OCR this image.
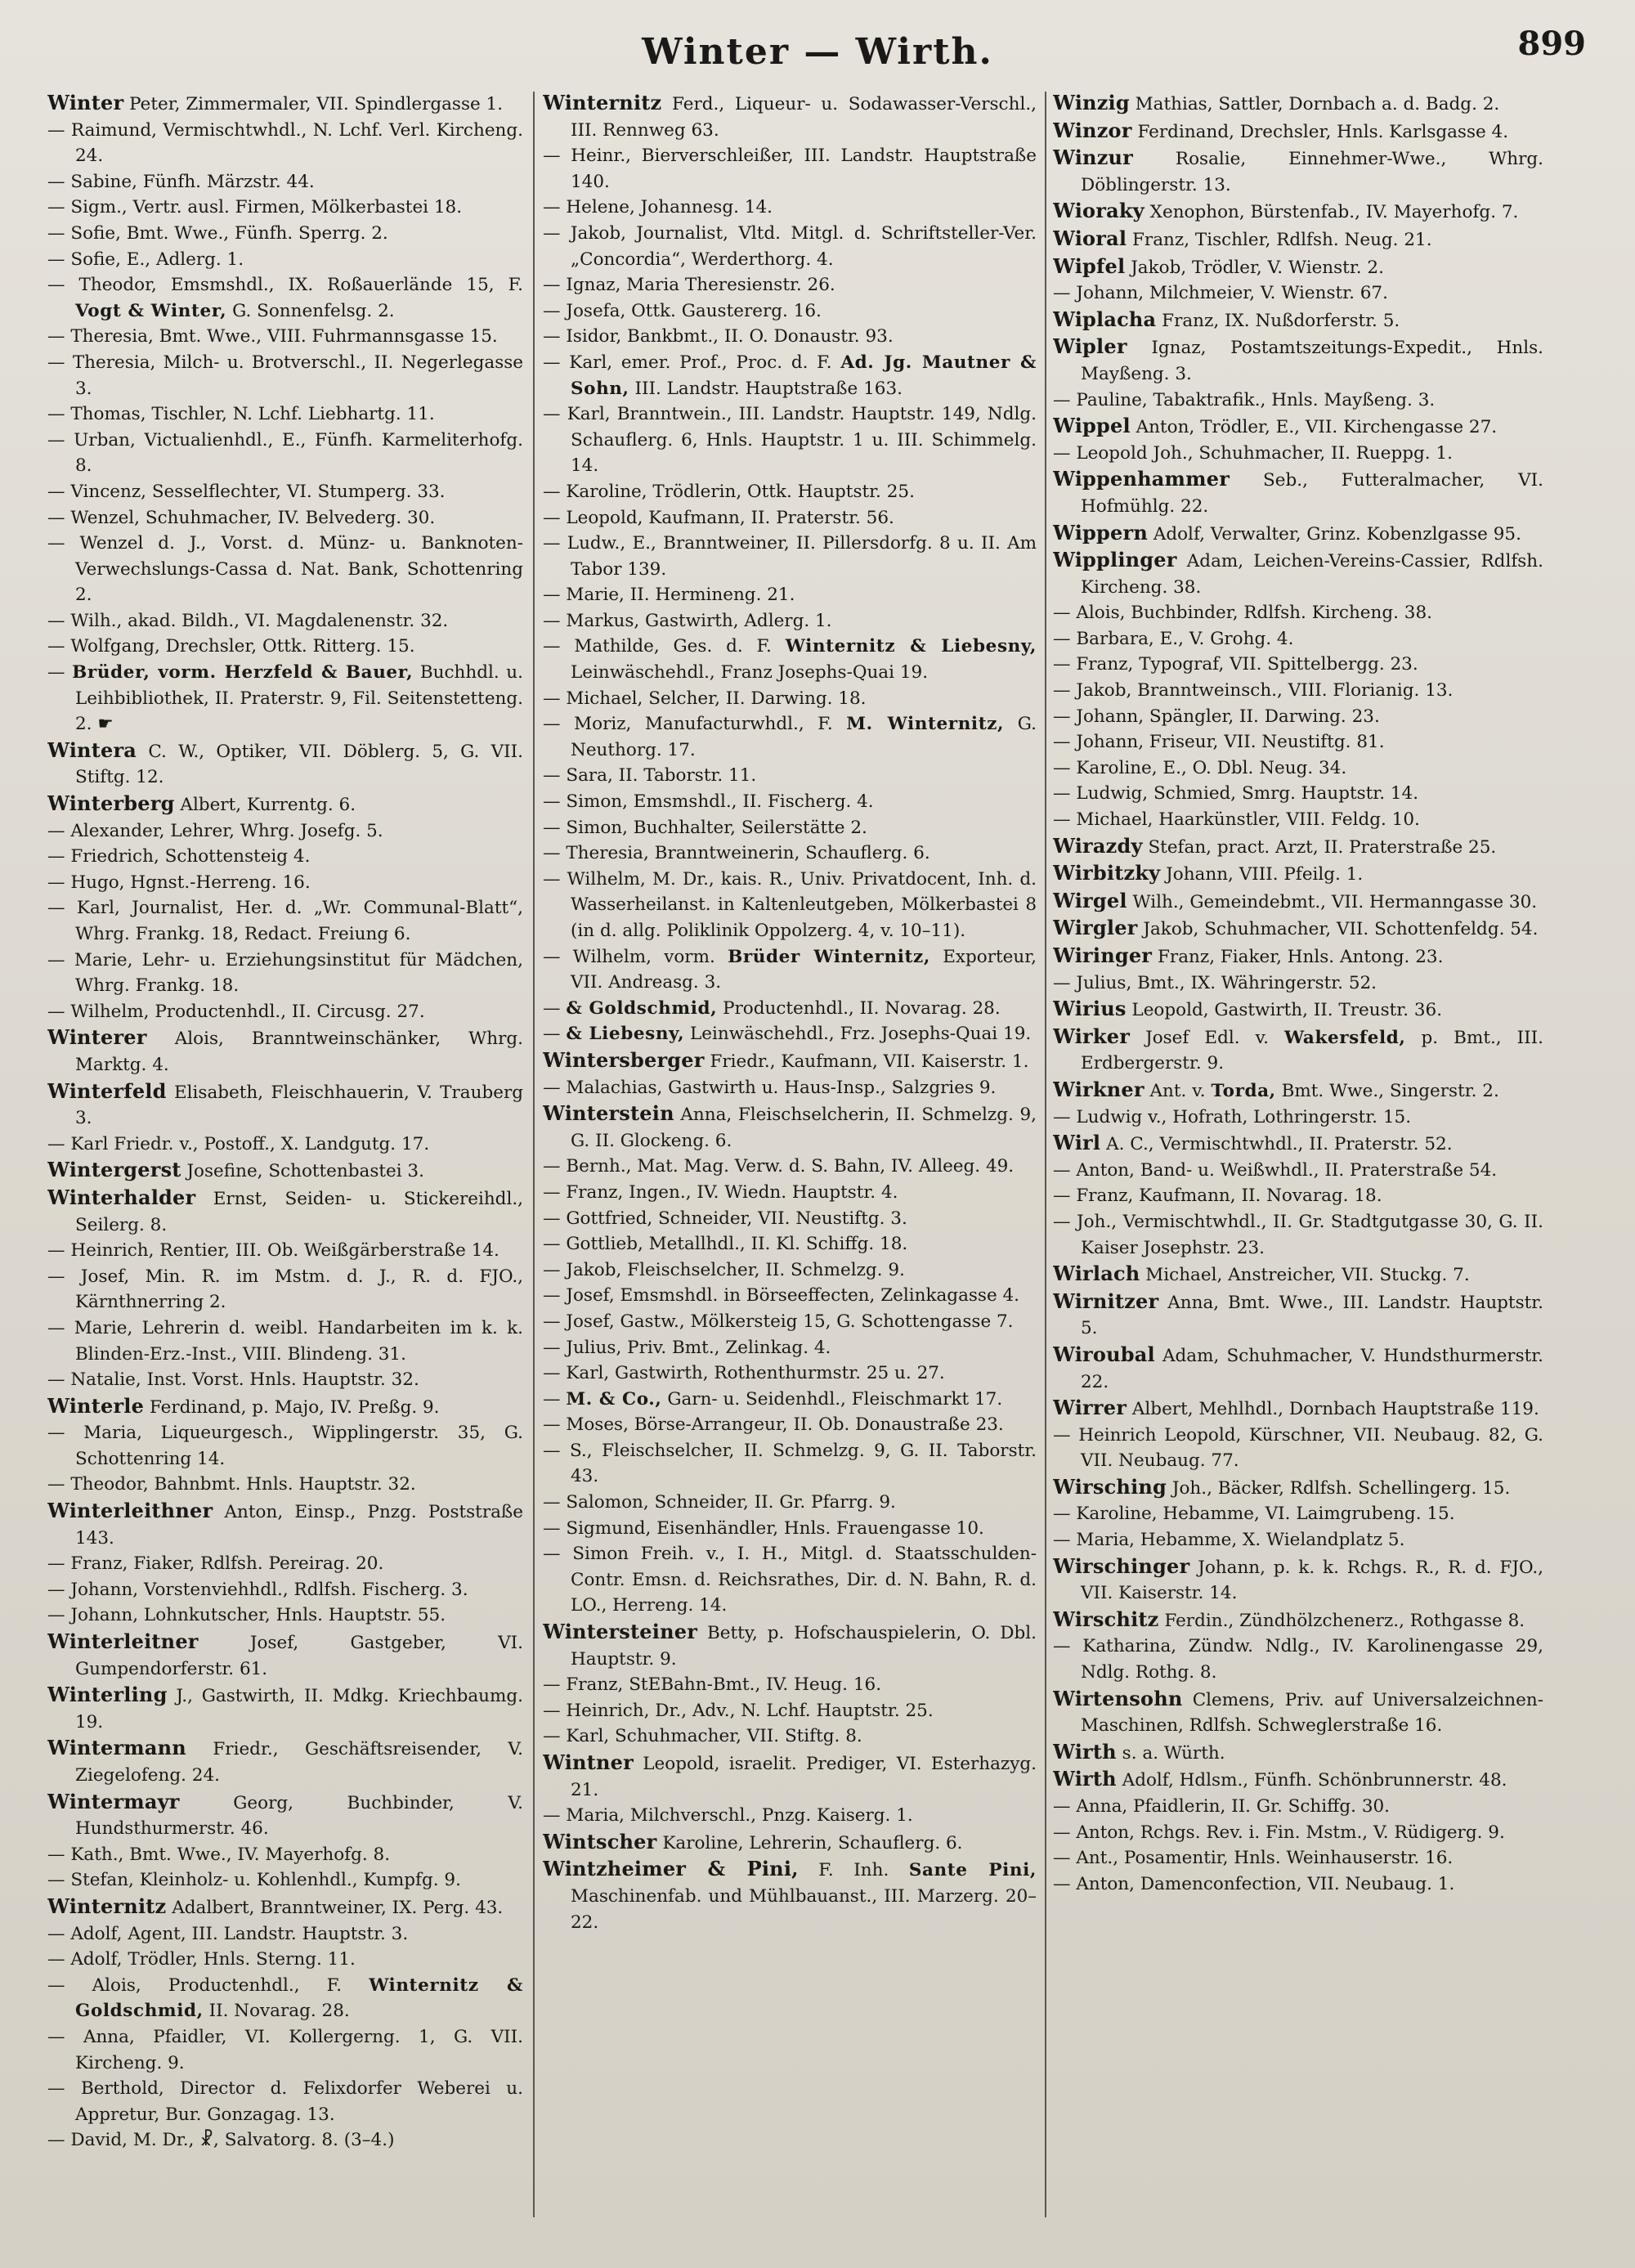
Winter — Wirth.	899

Winter Peter, Zimmermaler, VII. Spindlergasse 1.

— Raimund, Vermischtwhdl., N. Lchf. Verl. Kircheng. 24.

— Sabine, Fünfh. Märzstr. 44.

— Sigm., Vertr. ausl. Firmen, Mölkerbastei 18.

— Sofie, Bmt. Wwe., Fünfh. Sperrg. 2.

— Sofie, E., Adlerg. 1.

— Theodor, Emsmshdl., IX. Roßauerlände 15, F. Vogt & Winter, G. Sonnenfelsg. 2.

— Theresia, Bmt. Wwe., VIII. Fuhrmannsgasse 15.

— Theresia, Milch- u. Brotverschl., II. Negerlegasse 3.

— Thomas, Tischler, N. Lchf. Liebhartg. 11.

— Urban, Victualienhdl., E., Fünfh. Karmeliterhofg. 8.

— Vincenz, Sesselflechter, VI. Stumperg. 33.

— Wenzel, Schuhmacher, IV. Belvederg. 30.

— Wenzel d. J., Vorst. d. Münz- u. Banknoten-Verwechslungs-Cassa d. Nat. Bank, Schottenring 2.

— Wilh., akad. Bildh., VI. Magdalenenstr. 32.

— Wolfgang, Drechsler, Ottk. Ritterg. 15.

— Brüder, vorm. Herzfeld & Bauer, Buchhdl. u. Leihbibliothek, II. Praterstr. 9, Fil. Seitenstetteng. 2. ☛

Wintera C. W., Optiker, VII. Döblerg. 5, G. VII. Stiftg. 12.

Winterberg Albert, Kurrentg. 6.

— Alexander, Lehrer, Whrg. Josefg. 5.

— Friedrich, Schottensteig 4.

— Hugo, Hgnst.-Herreng. 16.

— Karl, Journalist, Her. d. „Wr. Communal-Blatt“, Whrg. Frankg. 18, Redact. Freiung 6.

— Marie, Lehr- u. Erziehungsinstitut für Mädchen, Whrg. Frankg. 18.

— Wilhelm, Productenhdl., II. Circusg. 27.

Winterer Alois, Branntweinschänker, Whrg. Marktg. 4.

Winterfeld Elisabeth, Fleischhauerin, V. Trauberg 3.

— Karl Friedr. v., Postoff., X. Landgutg. 17.

Wintergerst Josefine, Schottenbastei 3.

Winterhalder Ernst, Seiden- u. Stickereihdl., Seilerg. 8.

— Heinrich, Rentier, III. Ob. Weißgärberstraße 14.

— Josef, Min. R. im Mstm. d. J., R. d. FJO., Kärnthnerring 2.

— Marie, Lehrerin d. weibl. Handarbeiten im k. k. Blinden-Erz.-Inst., VIII. Blindeng. 31.

— Natalie, Inst. Vorst. Hnls. Hauptstr. 32.

Winterle Ferdinand, p. Majo, IV. Preßg. 9.

— Maria, Liqueurgesch., Wipplingerstr. 35, G. Schottenring 14.

— Theodor, Bahnbmt. Hnls. Hauptstr. 32.

Winterleithner Anton, Einsp., Pnzg. Poststraße 143.

— Franz, Fiaker, Rdlfsh. Pereirag. 20.

— Johann, Vorstenviehhdl., Rdlfsh. Fischerg. 3.

— Johann, Lohnkutscher, Hnls. Hauptstr. 55.

Winterleitner	Josef, Gastgeber, VI. Gumpendorferstr. 61.

Winterling J., Gastwirth, II. Mdkg. Kriechbaumg. 19.

Wintermann Friedr., Geschäftsreisender, V. Ziegelofeng. 24.

Wintermayr	Georg, Buchbinder, V. Hundsthurmerstr. 46.

— Kath., Bmt. Wwe., IV. Mayerhofg. 8.

— Stefan, Kleinholz- u. Kohlenhdl., Kumpfg. 9.

Winternitz Adalbert, Branntweiner, IX. Perg. 43.

— Adolf, Agent, III. Landstr. Hauptstr. 3.

— Adolf, Trödler, Hnls. Sterng. 11.

— Alois, Productenhdl., F. Winternitz & Goldschmid, II. Novarag. 28.

— Anna, Pfaidler, VI. Kollergerng. 1, G. VII. Kircheng. 9.

— Berthold, Director d. Felixdorfer Weberei u. Appretur, Bur. Gonzagag. 13.

— David, M. Dr., ☧, Salvatorg. 8. (3–4.)

Winternitz Ferd., Liqueur- u. Sodawasser-Verschl., III. Rennweg 63.

— Heinr., Bierverschleißer, III. Landstr. Hauptstraße 140.

— Helene, Johannesg. 14.

— Jakob, Journalist, Vltd. Mitgl. d. Schriftsteller-Ver. „Concordia“, Werderthorg. 4.

— Ignaz, Maria Theresienstr. 26.

— Josefa, Ottk. Gaustererg. 16.

— Isidor, Bankbmt., II. O. Donaustr. 93.

— Karl, emer. Prof., Proc. d. F. Ad. Jg. Mautner & Sohn, III. Landstr. Hauptstraße 163.

— Karl, Branntwein., III. Landstr. Hauptstr. 149, Ndlg. Schauflerg. 6, Hnls. Hauptstr. 1 u. III. Schimmelg. 14.

— Karoline, Trödlerin, Ottk. Hauptstr. 25.

— Leopold, Kaufmann, II. Praterstr. 56.

— Ludw., E., Branntweiner, II. Pillersdorfg. 8 u. II. Am Tabor 139.

— Marie, II. Hermineng. 21.

— Markus, Gastwirth, Adlerg. 1.

— Mathilde, Ges. d. F. Winternitz & Liebesny, Leinwäschehdl., Franz Josephs-Quai 19.

— Michael, Selcher, II. Darwing. 18.

— Moriz, Manufacturwhdl., F. M. Winternitz, G. Neuthorg. 17.

— Sara, II. Taborstr. 11.

— Simon, Emsmshdl., II. Fischerg. 4.

— Simon, Buchhalter, Seilerstätte 2.

— Theresia, Branntweinerin, Schauflerg. 6.

— Wilhelm, M. Dr., kais. R., Univ. Privatdocent, Inh. d. Wasserheilanst. in Kaltenleutgeben, Mölkerbastei 8 (in d. allg. Poliklinik Oppolzerg. 4, v. 10–11).

— Wilhelm, vorm. Brüder Winternitz, Exporteur, VII. Andreasg. 3.

— & Goldschmid, Productenhdl., II. Novarag. 28.

— & Liebesny, Leinwäschehdl., Frz. Josephs-Quai 19.

Wintersberger Friedr., Kaufmann, VII. Kaiserstr. 1.

— Malachias, Gastwirth u. Haus-Insp., Salzgries 9.

Winterstein Anna, Fleischselcherin, II. Schmelzg. 9, G. II. Glockeng. 6.

— Bernh., Mat. Mag. Verw. d. S. Bahn, IV. Alleeg. 49.

— Franz, Ingen., IV. Wiedn. Hauptstr. 4.

— Gottfried, Schneider, VII. Neustiftg. 3.

— Gottlieb, Metallhdl., II. Kl. Schiffg. 18.

— Jakob, Fleischselcher, II. Schmelzg. 9.

— Josef, Emsmshdl. in Börseeffecten, Zelinkagasse 4.

— Josef, Gastw., Mölkersteig 15, G. Schottengasse 7.

— Julius, Priv. Bmt., Zelinkag. 4.

— Karl, Gastwirth, Rothenthurmstr. 25 u. 27.

— M. & Co., Garn- u. Seidenhdl., Fleischmarkt 17.

— Moses, Börse-Arrangeur, II. Ob. Donaustraße 23.

— S., Fleischselcher, II. Schmelzg. 9, G. II. Taborstr. 43.

— Salomon, Schneider, II. Gr. Pfarrg. 9.

— Sigmund, Eisenhändler, Hnls. Frauengasse 10.

— Simon Freih. v., I. H., Mitgl. d. Staatsschulden-Contr. Emsn. d. Reichsrathes, Dir. d. N. Bahn, R. d. LO., Herreng. 14.

Wintersteiner Betty, p. Hofschauspielerin, O. Dbl. Hauptstr. 9.

— Franz, StEBahn-Bmt., IV. Heug. 16.

— Heinrich, Dr., Adv., N. Lchf. Hauptstr. 25.

— Karl, Schuhmacher, VII. Stiftg. 8.

Wintner Leopold, israelit. Prediger, VI. Esterhazyg. 21.

— Maria, Milchverschl., Pnzg. Kaiserg. 1.

Wintscher Karoline, Lehrerin, Schauflerg. 6.

Wintzheimer & Pini, F. Inh. Sante Pini, Maschinenfab. und Mühlbauanst., III. Marzerg. 20–22.

Winzig Mathias, Sattler, Dornbach a. d. Badg. 2.

Winzor Ferdinand, Drechsler, Hnls. Karlsgasse 4.

Winzur Rosalie, Einnehmer-Wwe., Whrg. Döblingerstr. 13.

Wioraky Xenophon, Bürstenfab., IV. Mayerhofg. 7.

Wioral Franz, Tischler, Rdlfsh. Neug. 21.

Wipfel Jakob, Trödler, V. Wienstr. 2.

— Johann, Milchmeier, V. Wienstr. 67.

Wiplacha Franz, IX. Nußdorferstr. 5.

Wipler Ignaz, Postamtszeitungs-Expedit., Hnls. Mayßeng. 3.

— Pauline, Tabaktrafik., Hnls. Mayßeng. 3.

Wippel Anton, Trödler, E., VII. Kirchengasse 27.

— Leopold Joh., Schuhmacher, II. Rueppg. 1.

Wippenhammer Seb., Futteralmacher, VI. Hofmühlg. 22.

Wippern Adolf, Verwalter, Grinz. Kobenzlgasse 95.

Wipplinger Adam, Leichen-Vereins-Cassier, Rdlfsh. Kircheng. 38.

— Alois, Buchbinder, Rdlfsh. Kircheng. 38.

— Barbara, E., V. Grohg. 4.

— Franz, Typograf, VII. Spittelbergg. 23.

— Jakob, Branntweinsch., VIII. Florianig. 13.

— Johann, Spängler, II. Darwing. 23.

— Johann, Friseur, VII. Neustiftg. 81.

— Karoline, E., O. Dbl. Neug. 34.

— Ludwig, Schmied, Smrg. Hauptstr. 14.

— Michael, Haarkünstler, VIII. Feldg. 10.

Wirazdy Stefan, pract. Arzt, II. Praterstraße 25.

Wirbitzky Johann, VIII. Pfeilg. 1.

Wirgel Wilh., Gemeindebmt., VII. Hermanngasse 30.

Wirgler Jakob, Schuhmacher, VII. Schottenfeldg. 54.

Wiringer Franz, Fiaker, Hnls. Antong. 23.

— Julius, Bmt., IX. Währingerstr. 52.

Wirius Leopold, Gastwirth, II. Treustr. 36.

Wirker Josef Edl. v. Wakersfeld, p. Bmt., III. Erdbergerstr. 9.

Wirkner Ant. v. Torda, Bmt. Wwe., Singerstr. 2.

— Ludwig v., Hofrath, Lothringerstr. 15.

Wirl A. C., Vermischtwhdl., II. Praterstr. 52.

— Anton, Band- u. Weißwhdl., II. Praterstraße 54.

— Franz, Kaufmann, II. Novarag. 18.

— Joh., Vermischtwhdl., II. Gr. Stadtgutgasse 30, G. II. Kaiser Josephstr. 23.

Wirlach Michael, Anstreicher, VII. Stuckg. 7.

Wirnitzer Anna, Bmt. Wwe., III. Landstr. Hauptstr. 5.

Wiroubal Adam, Schuhmacher, V. Hundsthurmerstr. 22.

Wirrer Albert, Mehlhdl., Dornbach Hauptstraße 119.

— Heinrich Leopold, Kürschner, VII. Neubaug. 82, G. VII. Neubaug. 77.

Wirsching Joh., Bäcker, Rdlfsh. Schellingerg. 15.

— Karoline, Hebamme, VI. Laimgrubeng. 15.

— Maria, Hebamme, X. Wielandplatz 5.

Wirschinger Johann, p. k. k. Rchgs. R., R. d. FJO., VII. Kaiserstr. 14.

Wirschitz Ferdin., Zündhölzchenerz., Rothgasse 8.

— Katharina, Zündw. Ndlg., IV. Karolinengasse 29, Ndlg. Rothg. 8.

Wirtensohn Clemens, Priv. auf Universalzeichnen-Maschinen, Rdlfsh. Schweglerstraße 16.

Wirth s. a. Würth.

Wirth Adolf, Hdlsm., Fünfh. Schönbrunnerstr. 48.

— Anna, Pfaidlerin, II. Gr. Schiffg. 30.

— Anton, Rchgs. Rev. i. Fin. Mstm., V. Rüdigerg. 9.

— Ant., Posamentir, Hnls. Weinhauserstr. 16.

— Anton, Damenconfection, VII. Neubaug. 1.
